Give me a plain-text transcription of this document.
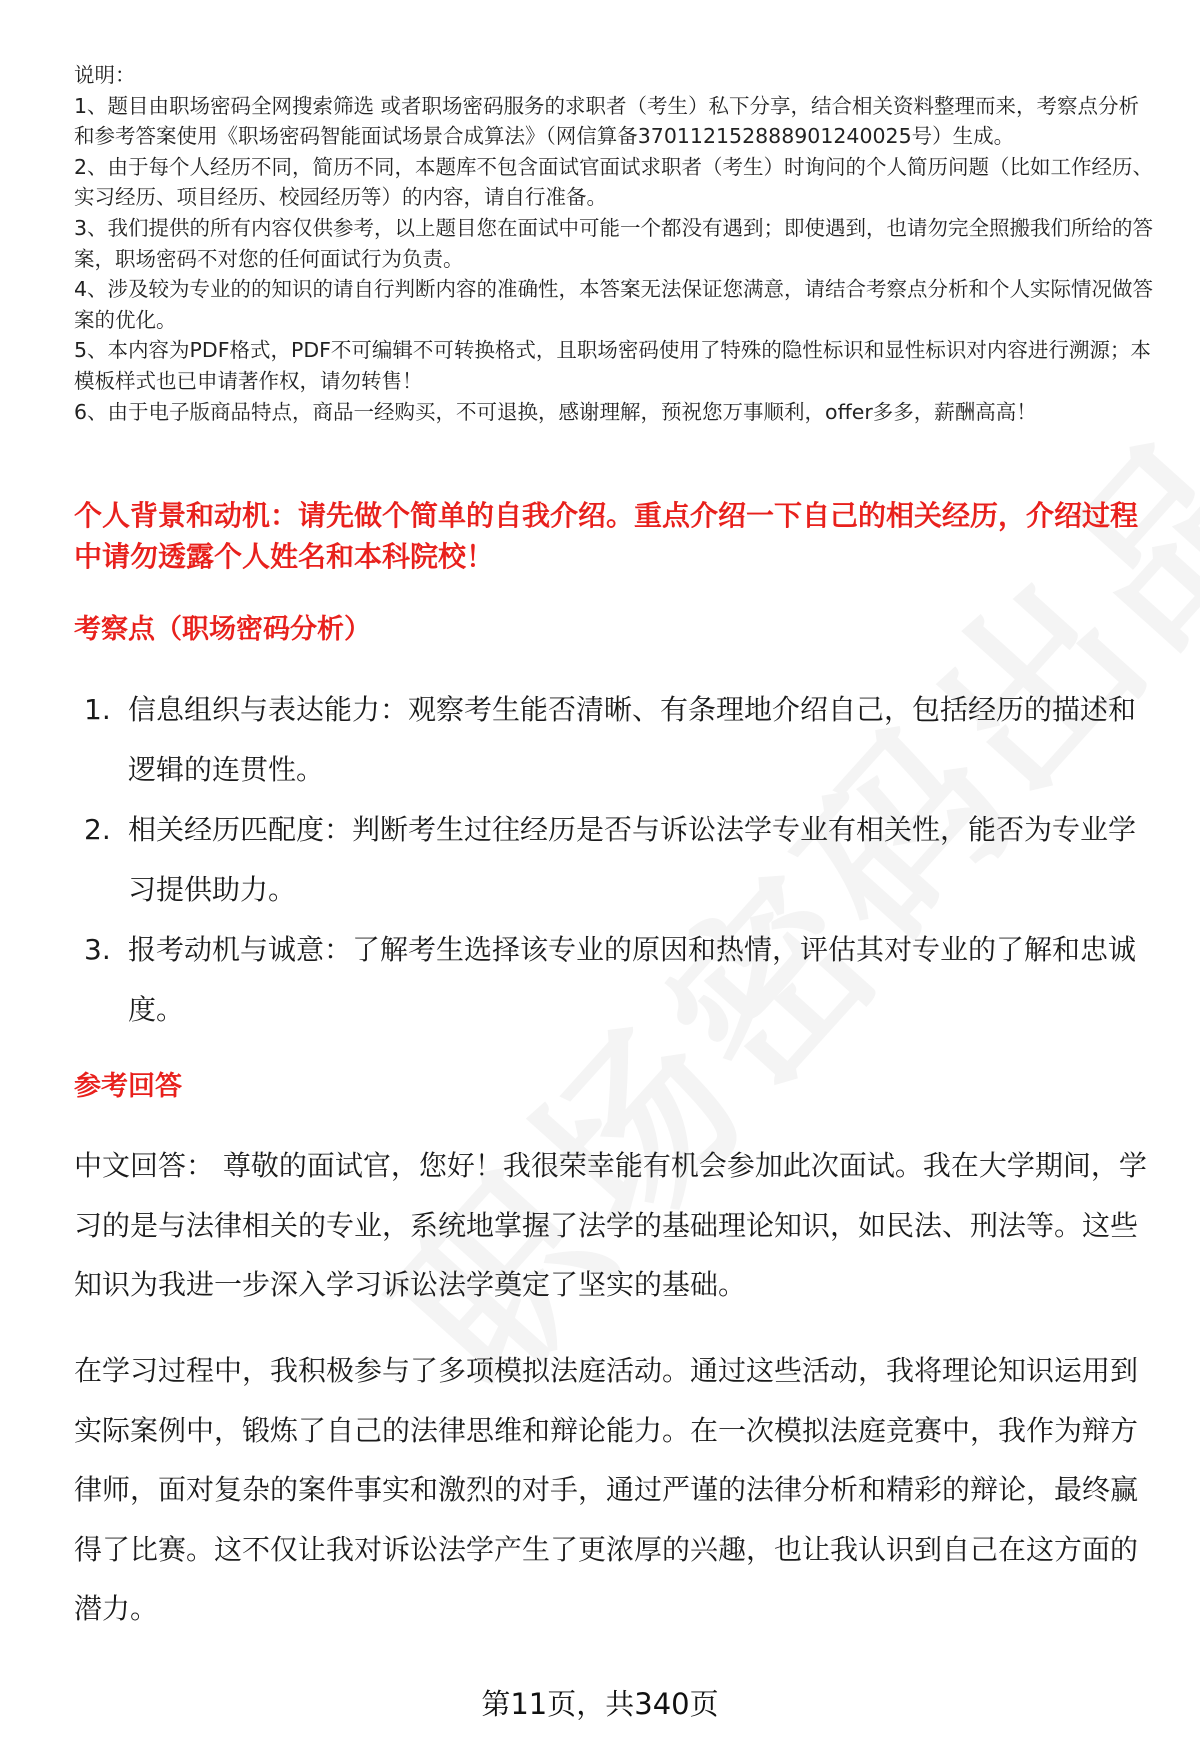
说明：

1、题目由职场密码全网搜索筛选 或者职场密码服务的求职者（考生）私下分享，结合相关资料整理而来，考察点分析和参考答案使用《职场密码智能面试场景合成算法》（网信算备370112152888901240025号）生成。

2、由于每个人经历不同，简历不同，本题库不包含面试官面试求职者（考生）时询问的个人简历问题（比如工作经历、实习经历、项目经历、校园经历等）的内容，请自行准备。

3、我们提供的所有内容仅供参考，以上题目您在面试中可能一个都没有遇到；即使遇到，也请勿完全照搬我们所给的答案，职场密码不对您的任何面试行为负责。

4、涉及较为专业的的知识的请自行判断内容的准确性，本答案无法保证您满意，请结合考察点分析和个人实际情况做答案的优化。

5、本内容为PDF格式，PDF不可编辑不可转换格式，且职场密码使用了特殊的隐性标识和显性标识对内容进行溯源；本模板样式也已申请著作权，请勿转售！

6、由于电子版商品特点，商品一经购买，不可退换，感谢理解，预祝您万事顺利，offer多多，薪酬高高！

个人背景和动机：请先做个简单的自我介绍。重点介绍一下自己的相关经历，介绍过程中请勿透露个人姓名和本科院校！

考察点（职场密码分析）

1. 信息组织与表达能力：观察考生能否清晰、有条理地介绍自己，包括经历的描述和逻辑的连贯性。
2. 相关经历匹配度：判断考生过往经历是否与诉讼法学专业有相关性，能否为专业学习提供助力。
3. 报考动机与诚意：了解考生选择该专业的原因和热情，评估其对专业的了解和忠诚度。

参考回答

中文回答： 尊敬的面试官，您好！我很荣幸能有机会参加此次面试。我在大学期间，学习的是与法律相关的专业，系统地掌握了法学的基础理论知识，如民法、刑法等。这些知识为我进一步深入学习诉讼法学奠定了坚实的基础。

在学习过程中，我积极参与了多项模拟法庭活动。通过这些活动，我将理论知识运用到实际案例中，锻炼了自己的法律思维和辩论能力。在一次模拟法庭竞赛中，我作为辩方律师，面对复杂的案件事实和激烈的对手，通过严谨的法律分析和精彩的辩论，最终赢得了比赛。这不仅让我对诉讼法学产生了更浓厚的兴趣，也让我认识到自己在这方面的潜力。

第11页，共340页
